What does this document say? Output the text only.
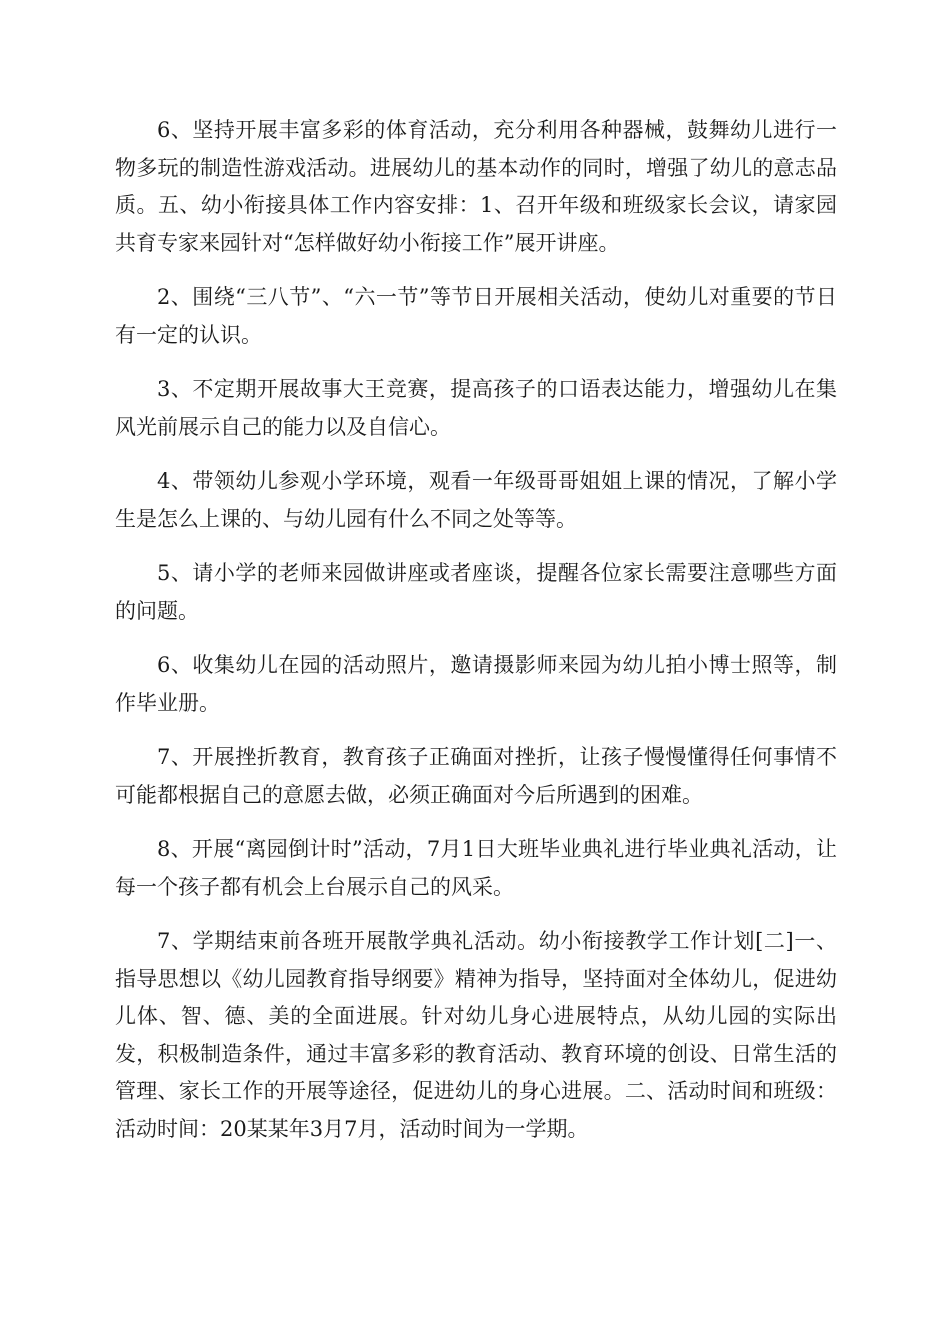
6、坚持开展丰富多彩的体育活动，充分利用各种器械，鼓舞幼儿进行一物多玩的制造性游戏活动。进展幼儿的基本动作的同时，增强了幼儿的意志品质。五、幼小衔接具体工作内容安排：1、召开年级和班级家长会议，请家园共育专家来园针对“怎样做好幼小衔接工作”展开讲座。

2、围绕“三八节”、“六一节”等节日开展相关活动，使幼儿对重要的节日有一定的认识。

3、不定期开展故事大王竞赛，提高孩子的口语表达能力，增强幼儿在集风光前展示自己的能力以及自信心。

4、带领幼儿参观小学环境，观看一年级哥哥姐姐上课的情况，了解小学生是怎么上课的、与幼儿园有什么不同之处等等。

5、请小学的老师来园做讲座或者座谈，提醒各位家长需要注意哪些方面的问题。

6、收集幼儿在园的活动照片，邀请摄影师来园为幼儿拍小博士照等，制作毕业册。

7、开展挫折教育，教育孩子正确面对挫折，让孩子慢慢懂得任何事情不可能都根据自己的意愿去做，必须正确面对今后所遇到的困难。

8、开展“离园倒计时”活动，7月1日大班毕业典礼进行毕业典礼活动，让每一个孩子都有机会上台展示自己的风采。

7、学期结束前各班开展散学典礼活动。幼小衔接教学工作计划[二]一、指导思想以《幼儿园教育指导纲要》精神为指导，坚持面对全体幼儿，促进幼儿体、智、德、美的全面进展。针对幼儿身心进展特点，从幼儿园的实际出发，积极制造条件，通过丰富多彩的教育活动、教育环境的创设、日常生活的管理、家长工作的开展等途径，促进幼儿的身心进展。二、活动时间和班级：活动时间：20某某年3月7月，活动时间为一学期。
